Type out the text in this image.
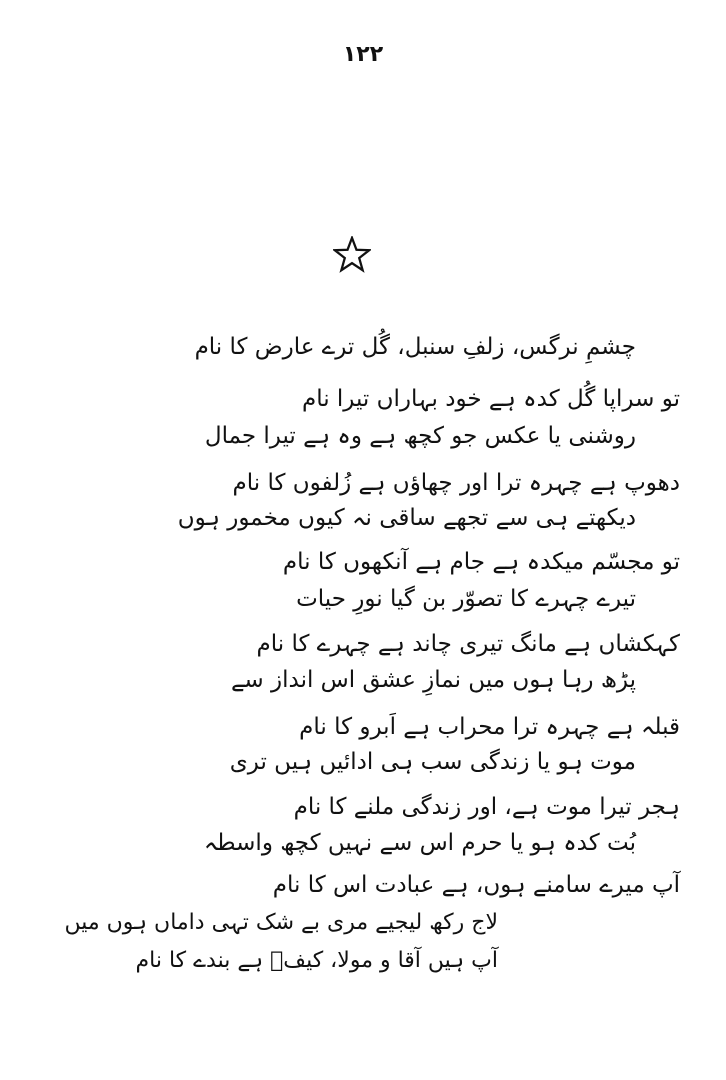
۱۲۲
چشمِ نرگس، زلفِ سنبل، گُل ترے عارض کا نام
تو سراپا گُل کدہ ہے خود بہاراں تیرا نام
روشنی یا عکس جو کچھ ہے وہ ہے تیرا جمال
دھوپ ہے چہرہ ترا اور چھاؤں ہے زُلفوں کا نام
دیکھتے ہی سے تجھے ساقی نہ کیوں مخمور ہوں
تو مجسّم میکدہ ہے جام ہے آنکھوں کا نام
تیرے چہرے کا تصوّر بن گیا نورِ حیات
کہکشاں ہے مانگ تیری چاند ہے چہرے کا نام
پڑھ رہا ہوں میں نمازِ عشق اس انداز سے
قبلہ ہے چہرہ ترا محراب ہے اَبرو کا نام
موت ہو یا زندگی سب ہی ادائیں ہیں تری
ہجر تیرا موت ہے، اور زندگی ملنے کا نام
بُت کدہ ہو یا حرم اس سے نہیں کچھ واسطہ
آپ میرے سامنے ہوں، ہے عبادت اس کا نام
لاج رکھ لیجیے مری بے شک تہی داماں ہوں میں
آپ ہیں آقا و مولا، کیفؔ ہے بندے کا نام
